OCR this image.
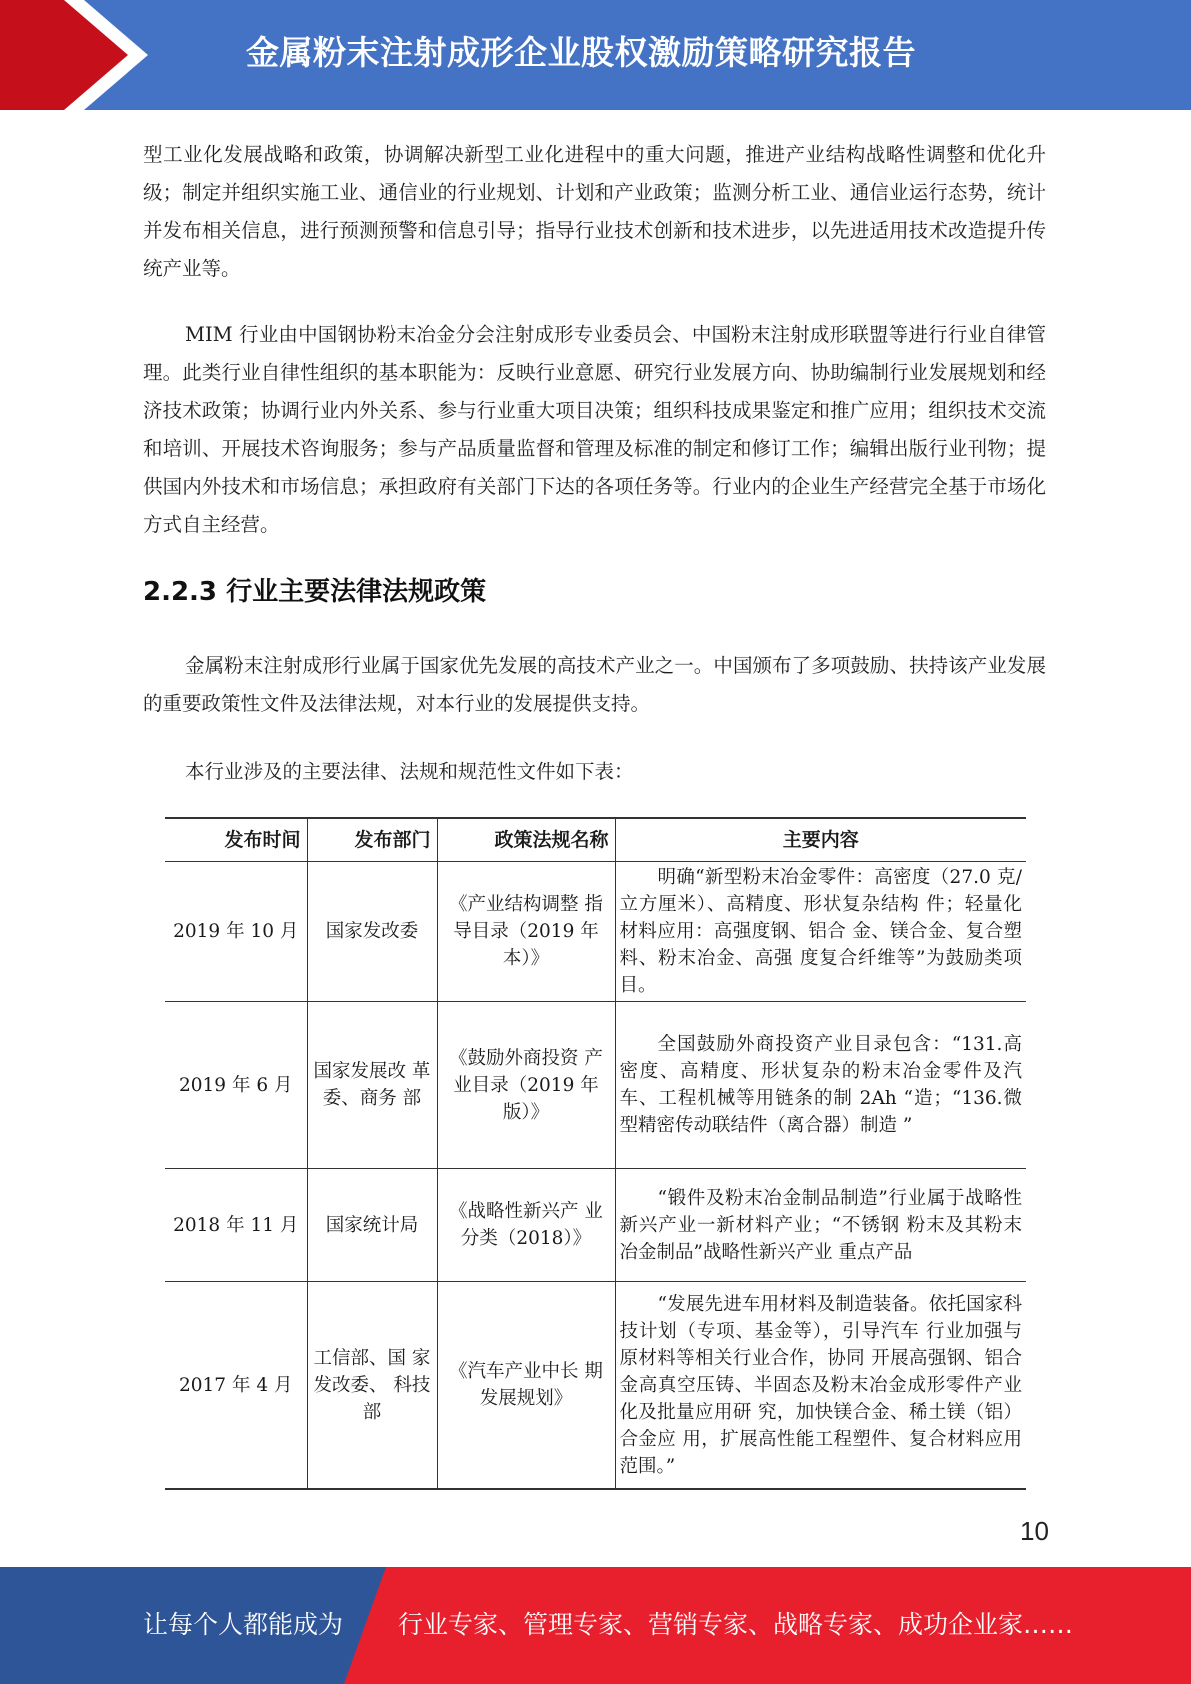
金属粉末注射成形企业股权激励策略研究报告

型工业化发展战略和政策，协调解决新型工业化进程中的重大问题，推进产业结构战略性调整和优化升级；制定并组织实施工业、通信业的行业规划、计划和产业政策；监测分析工业、通信业运行态势，统计并发布相关信息，进行预测预警和信息引导；指导行业技术创新和技术进步，以先进适用技术改造提升传统产业等。

MIM 行业由中国钢协粉末冶金分会注射成形专业委员会、中国粉末注射成形联盟等进行行业自律管理。此类行业自律性组织的基本职能为：反映行业意愿、研究行业发展方向、协助编制行业发展规划和经济技术政策；协调行业内外关系、参与行业重大项目决策；组织科技成果鉴定和推广应用；组织技术交流和培训、开展技术咨询服务；参与产品质量监督和管理及标准的制定和修订工作；编辑出版行业刊物；提供国内外技术和市场信息；承担政府有关部门下达的各项任务等。行业内的企业生产经营完全基于市场化方式自主经营。

2.2.3 行业主要法律法规政策

金属粉末注射成形行业属于国家优先发展的高技术产业之一。中国颁布了多项鼓励、扶持该产业发展的重要政策性文件及法律法规，对本行业的发展提供支持。

本行业涉及的主要法律、法规和规范性文件如下表：

发布时间	发布部门	政策法规名称	主要内容
2019 年 10 月	国家发改委	《产业结构调整 指导目录（2019 年本）》	明确“新型粉末冶金零件：高密度（27.0 克/立方厘米）、高精度、形状复杂结构 件；轻量化材料应用：高强度钢、铝合 金、镁合金、复合塑料、粉末冶金、高强 度复合纤维等”为鼓励类项目。
2019 年 6 月	国家发展改 革委、商务 部	《鼓励外商投资 产业目录（2019 年版）》	全国鼓励外商投资产业目录包含：“131.高密度、高精度、形状复杂的粉末冶金零件及汽车、工程机械等用链条的制 2Ah “造；“136.微型精密传动联结件（离合器）制造 ”
2018 年 11 月	国家统计局	《战略性新兴产 业分类（2018）》	“锻件及粉末冶金制品制造”行业属于战略性新兴产业一新材料产业；“不锈钢 粉末及其粉末冶金制品”战略性新兴产业 重点产品
2017 年 4 月	工信部、国 家发改委、 科技部	《汽车产业中长 期发展规划》	“发展先进车用材料及制造装备。依托国家科技计划（专项、基金等），引导汽车 行业加强与原材料等相关行业合作，协同 开展高强钢、铝合金高真空压铸、半固态及粉末冶金成形零件产业化及批量应用研 究，加快镁合金、稀土镁（铝）合金应 用，扩展高性能工程塑件、复合材料应用 范围。”
10
让每个人都能成为 行业专家、管理专家、营销专家、战略专家、成功企业家……
